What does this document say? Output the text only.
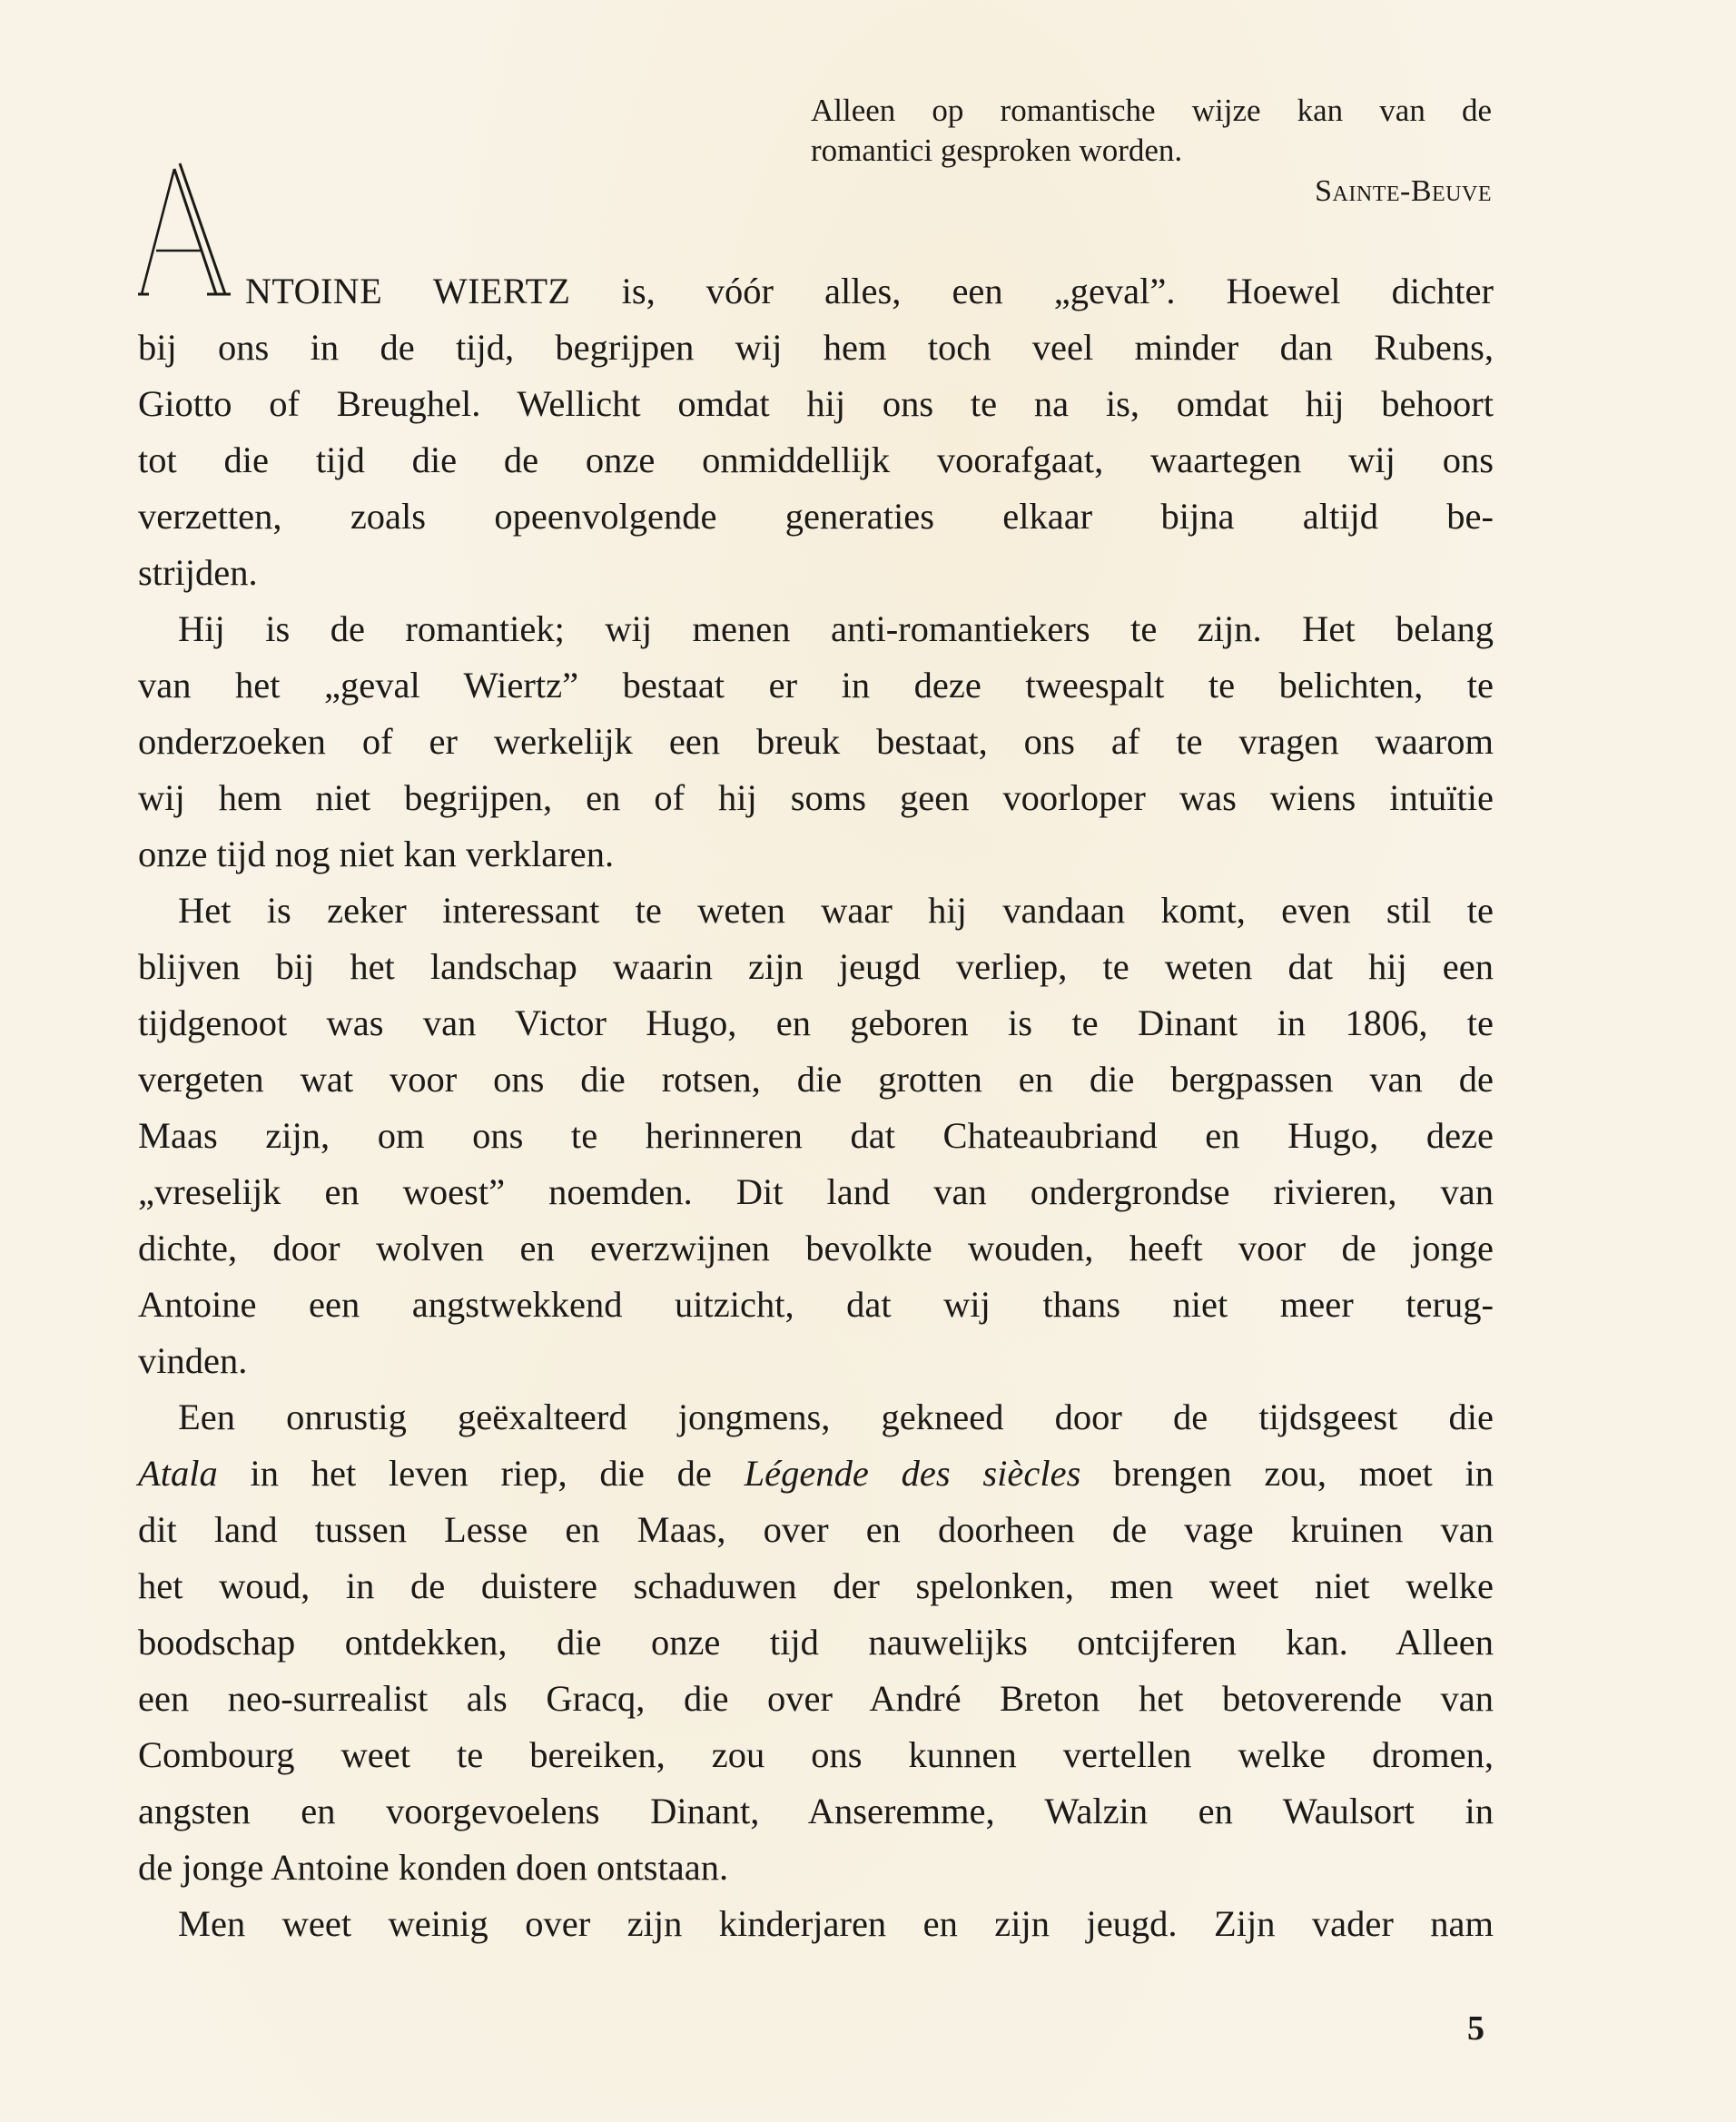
Alleen op romantische wijze kan van de
romantici gesproken worden.
Sainte-Beuve
NTOINE WIERTZ is, vóór alles, een „geval”. Hoewel dichter
bij ons in de tijd, begrijpen wij hem toch veel minder dan Rubens,
Giotto of Breughel. Wellicht omdat hij ons te na is, omdat hij behoort
tot die tijd die de onze onmiddellijk voorafgaat, waartegen wij ons
verzetten, zoals opeenvolgende generaties elkaar bijna altijd be-
strijden.
Hij is de romantiek; wij menen anti-romantiekers te zijn. Het belang
van het „geval Wiertz” bestaat er in deze tweespalt te belichten, te
onderzoeken of er werkelijk een breuk bestaat, ons af te vragen waarom
wij hem niet begrijpen, en of hij soms geen voorloper was wiens intuïtie
onze tijd nog niet kan verklaren.
Het is zeker interessant te weten waar hij vandaan komt, even stil te
blijven bij het landschap waarin zijn jeugd verliep, te weten dat hij een
tijdgenoot was van Victor Hugo, en geboren is te Dinant in 1806, te
vergeten wat voor ons die rotsen, die grotten en die bergpassen van de
Maas zijn, om ons te herinneren dat Chateaubriand en Hugo, deze
„vreselijk en woest” noemden. Dit land van ondergrondse rivieren, van
dichte, door wolven en everzwijnen bevolkte wouden, heeft voor de jonge
Antoine een angstwekkend uitzicht, dat wij thans niet meer terug-
vinden.
Een onrustig geëxalteerd jongmens, gekneed door de tijdsgeest die
Atala in het leven riep, die de Légende des siècles brengen zou, moet in
dit land tussen Lesse en Maas, over en doorheen de vage kruinen van
het woud, in de duistere schaduwen der spelonken, men weet niet welke
boodschap ontdekken, die onze tijd nauwelijks ontcijferen kan. Alleen
een neo-surrealist als Gracq, die over André Breton het betoverende van
Combourg weet te bereiken, zou ons kunnen vertellen welke dromen,
angsten en voorgevoelens Dinant, Anseremme, Walzin en Waulsort in
de jonge Antoine konden doen ontstaan.
Men weet weinig over zijn kinderjaren en zijn jeugd. Zijn vader nam
5
